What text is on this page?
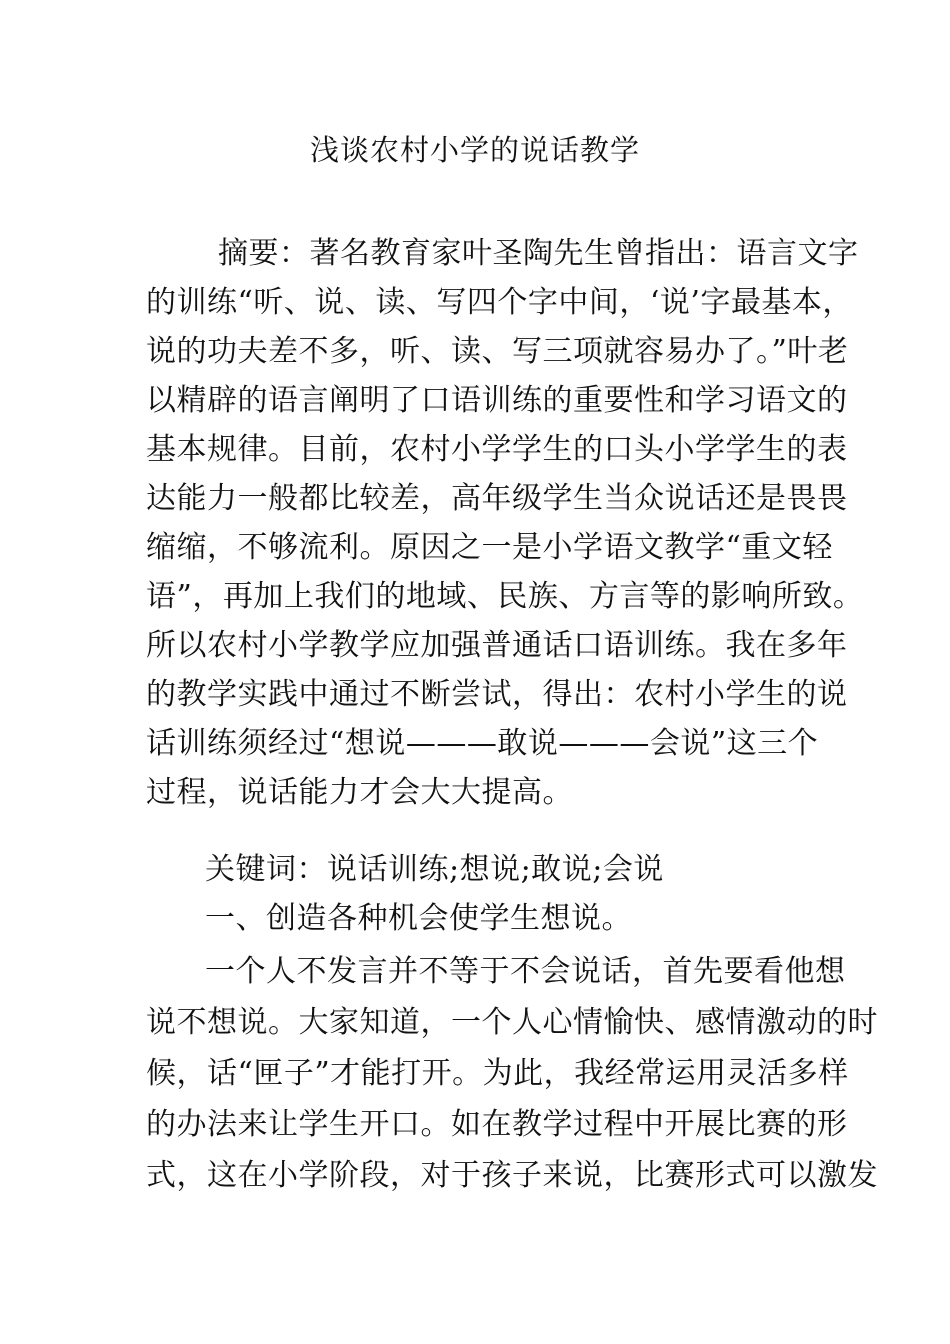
浅谈农村小学的说话教学
摘要：著名教育家叶圣陶先生曾指出：语言文字
的训练“听、说、读、写四个字中间，‘说’字最基本，
说的功夫差不多，听、读、写三项就容易办了。”叶老
以精辟的语言阐明了口语训练的重要性和学习语文的
基本规律。目前，农村小学学生的口头小学学生的表
达能力一般都比较差，高年级学生当众说话还是畏畏
缩缩，不够流利。原因之一是小学语文教学“重文轻
语”，再加上我们的地域、民族、方言等的影响所致。
所以农村小学教学应加强普通话口语训练。我在多年
的教学实践中通过不断尝试，得出：农村小学生的说
话训练须经过“想说———敢说———会说”这三个
过程，说话能力才会大大提高。
关键词：说话训练;想说;敢说;会说
一、创造各种机会使学生想说。
一个人不发言并不等于不会说话，首先要看他想
说不想说。大家知道，一个人心情愉快、感情激动的时
候，话“匣子”才能打开。为此，我经常运用灵活多样
的办法来让学生开口。如在教学过程中开展比赛的形
式，这在小学阶段，对于孩子来说，比赛形式可以激发
